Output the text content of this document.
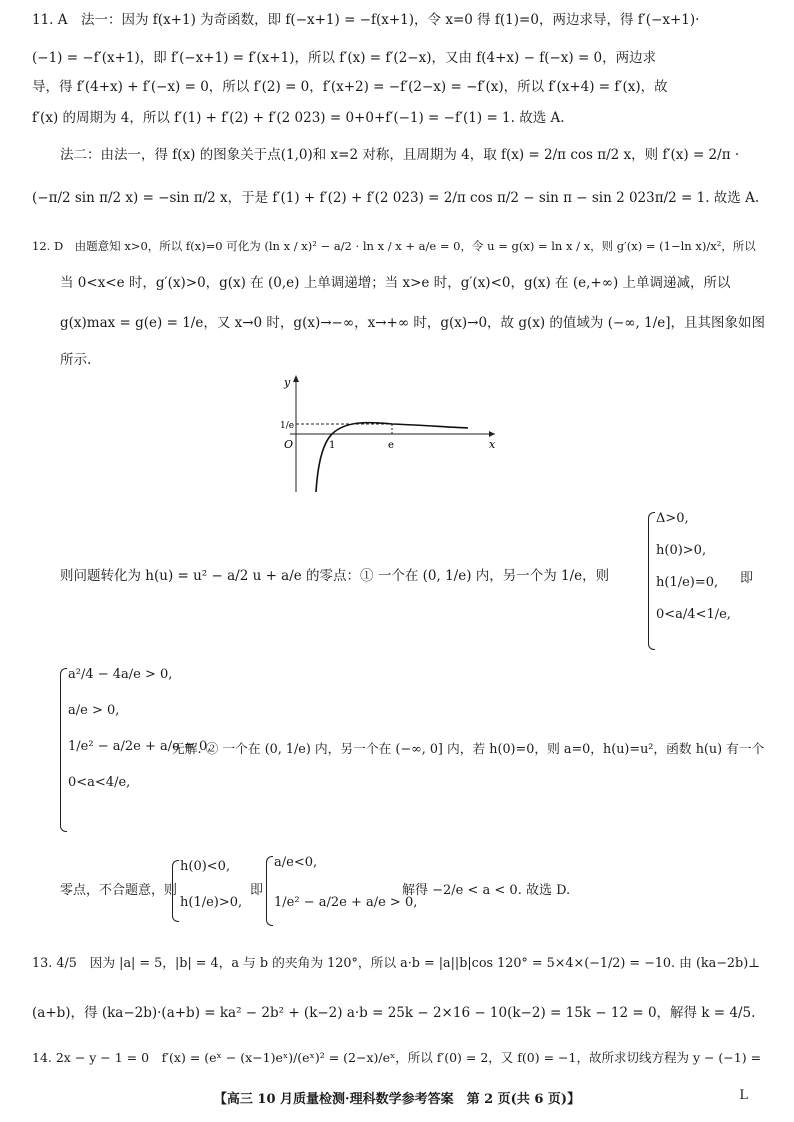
11. A　法一：因为 f(x+1) 为奇函数，即 f(−x+1) = −f(x+1)，令 x=0 得 f(1)=0，两边求导，得 f′(−x+1)·
(−1) = −f′(x+1)，即 f′(−x+1) = f′(x+1)，所以 f′(x) = f′(2−x)，又由 f(4+x) − f(−x) = 0，两边求
导，得 f′(4+x) + f′(−x) = 0，所以 f′(2) = 0，f′(x+2) = −f′(2−x) = −f′(x)，所以 f′(x+4) = f′(x)，故
f′(x) 的周期为 4，所以 f′(1) + f′(2) + f′(2 023) = 0+0+f′(−1) = −f′(1) = 1. 故选 A.
法二：由法一，得 f(x) 的图象关于点(1,0)和 x=2 对称，且周期为 4，取 f(x) = 2/π cos π/2 x，则 f′(x) = 2/π ·
(−π/2 sin π/2 x) = −sin π/2 x，于是 f′(1) + f′(2) + f′(2 023) = 2/π cos π/2 − sin π − sin 2 023π/2 = 1. 故选 A.
12. D　由题意知 x>0，所以 f(x)=0 可化为 (ln x / x)² − a/2 · ln x / x + a/e = 0，令 u = g(x) = ln x / x，则 g′(x) = (1−ln x)/x²，所以
当 0<x<e 时，g′(x)>0，g(x) 在 (0,e) 上单调递增；当 x>e 时，g′(x)<0，g(x) 在 (e,+∞) 上单调递减，所以
g(x)max = g(e) = 1/e，又 x→0 时，g(x)→−∞，x→+∞ 时，g(x)→0，故 g(x) 的值域为 (−∞, 1/e]，且其图象如图
所示.
y
x
O	1	e
1/e
则问题转化为 h(u) = u² − a/2 u + a/e 的零点：① 一个在 (0, 1/e) 内，另一个为 1/e，则
Δ>0,
h(0)>0,
h(1/e)=0,
0<a/4<1/e,
即
a²/4 − 4a/e > 0,
a/e > 0,
1/e² − a/2e + a/e = 0,
0<a<4/e,
无解. ② 一个在 (0, 1/e) 内，另一个在 (−∞, 0] 内，若 h(0)=0，则 a=0，h(u)=u²，函数 h(u) 有一个
零点，不合题意，则
h(0)<0,
h(1/e)>0,
即
a/e<0,
1/e² − a/2e + a/e > 0,
解得 −2/e < a < 0. 故选 D.
13. 4/5　因为 |a| = 5，|b| = 4，a 与 b 的夹角为 120°，所以 a·b = |a||b|cos 120° = 5×4×(−1/2) = −10. 由 (ka−2b)⊥
(a+b)，得 (ka−2b)·(a+b) = ka² − 2b² + (k−2) a·b = 25k − 2×16 − 10(k−2) = 15k − 12 = 0，解得 k = 4/5.
14. 2x − y − 1 = 0　f′(x) = (eˣ − (x−1)eˣ)/(eˣ)² = (2−x)/eˣ，所以 f′(0) = 2，又 f(0) = −1，故所求切线方程为 y − (−1) =
【高三 10 月质量检测·理科数学参考答案　第 2 页(共 6 页)】	L
